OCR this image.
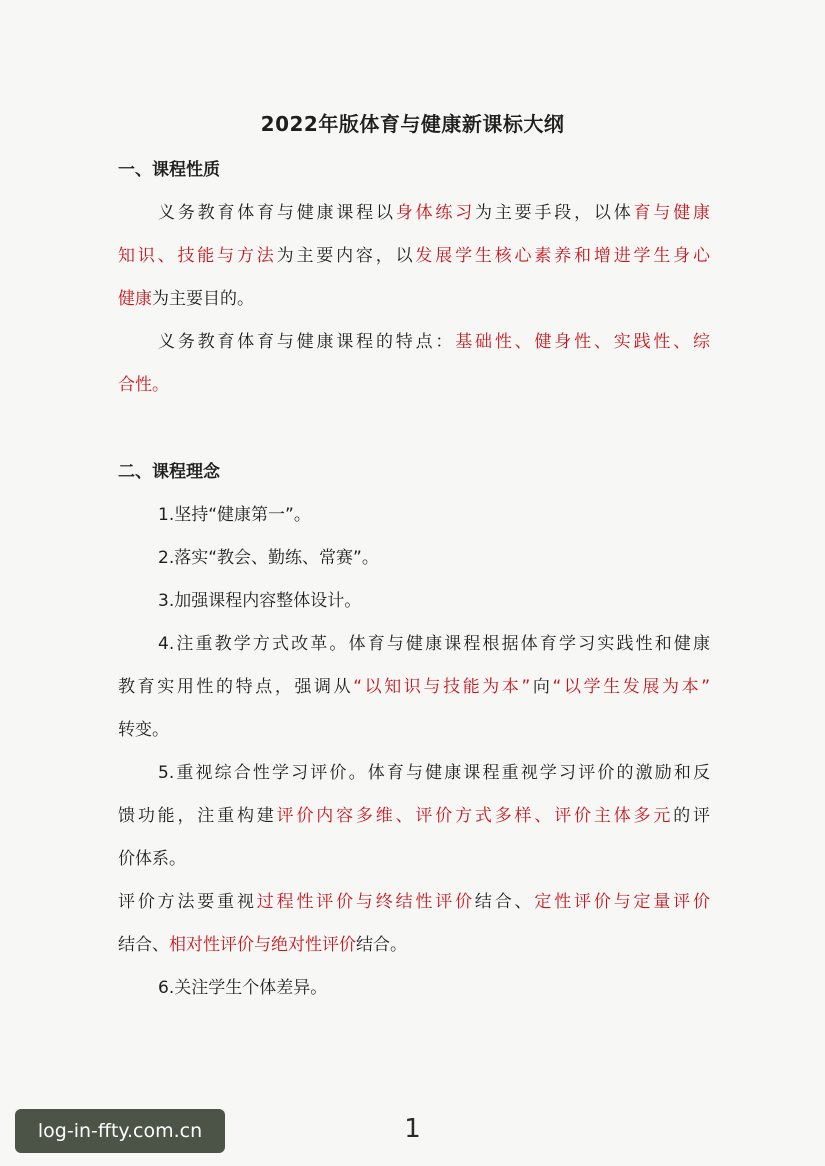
2022年版体育与健康新课标大纲
一、课程性质
义务教育体育与健康课程以身体练习为主要手段，以体育与健康
知识、技能与方法为主要内容，以发展学生核心素养和增进学生身心
健康为主要目的。
义务教育体育与健康课程的特点：基础性、健身性、实践性、综
合性。
二、课程理念
1.坚持“健康第一”。
2.落实“教会、勤练、常赛”。
3.加强课程内容整体设计。
4.注重教学方式改革。体育与健康课程根据体育学习实践性和健康
教育实用性的特点，强调从“以知识与技能为本”向“以学生发展为本”
转变。
5.重视综合性学习评价。体育与健康课程重视学习评价的激励和反
馈功能，注重构建评价内容多维、评价方式多样、评价主体多元的评
价体系。
评价方法要重视过程性评价与终结性评价结合、定性评价与定量评价
结合、相对性评价与绝对性评价结合。
6.关注学生个体差异。
1
log-in-ffty.com.cn
